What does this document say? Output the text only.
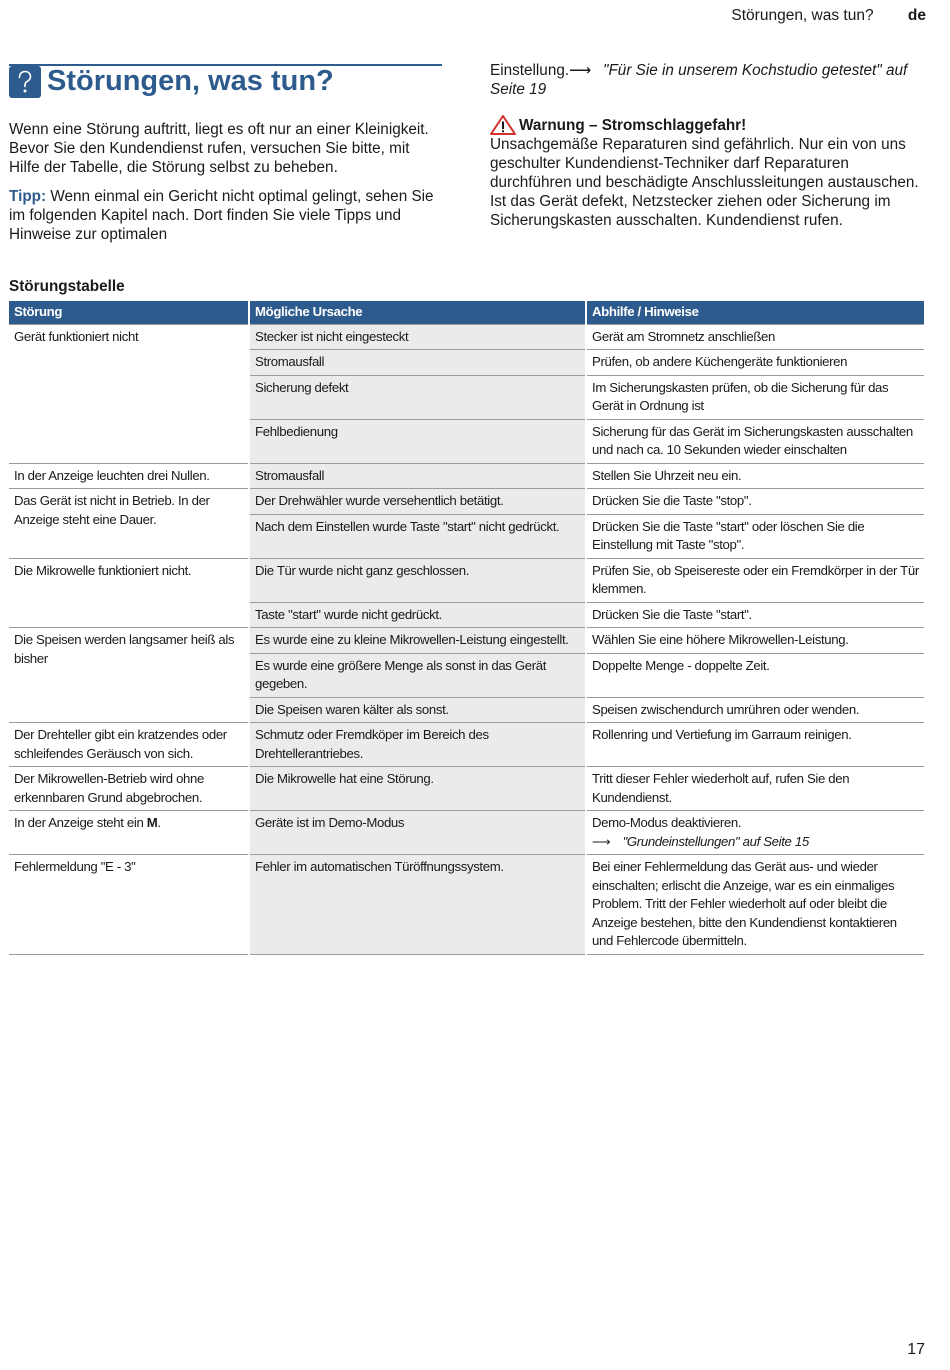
Störungen, was tun? de
Störungen, was tun?

Wenn eine Störung auftritt, liegt es oft nur an einer Kleinigkeit. Bevor Sie den Kundendienst rufen, versuchen Sie bitte, mit Hilfe der Tabelle, die Störung selbst zu beheben.

Tipp: Wenn einmal ein Gericht nicht optimal gelingt, sehen Sie im folgenden Kapitel nach. Dort finden Sie viele Tipps und Hinweise zur optimalen

Einstellung.⟶ "Für Sie in unserem Kochstudio getestet" auf Seite 19

Warnung – Stromschlaggefahr!

Unsachgemäße Reparaturen sind gefährlich. Nur ein von uns geschulter Kundendienst-Techniker darf Reparaturen durchführen und beschädigte Anschlussleitungen austauschen. Ist das Gerät defekt, Netzstecker ziehen oder Sicherung im Sicherungskasten ausschalten. Kundendienst rufen.

Störungstabelle

Störung	Mögliche Ursache	Abhilfe / Hinweise
Gerät funktioniert nicht	Stecker ist nicht eingesteckt	Gerät am Stromnetz anschließen
	Stromausfall	Prüfen, ob andere Küchengeräte funktionieren
	Sicherung defekt	Im Sicherungskasten prüfen, ob die Sicherung für das Gerät in Ordnung ist
	Fehlbedienung	Sicherung für das Gerät im Sicherungskasten ausschalten und nach ca. 10 Sekunden wieder einschalten
In der Anzeige leuchten drei Nullen.	Stromausfall	Stellen Sie Uhrzeit neu ein.
Das Gerät ist nicht in Betrieb. In der Anzeige steht eine Dauer.	Der Drehwähler wurde versehentlich betätigt.	Drücken Sie die Taste "stop".
	Nach dem Einstellen wurde Taste "start" nicht gedrückt.	Drücken Sie die Taste "start" oder löschen Sie die Einstellung mit Taste "stop".
Die Mikrowelle funktioniert nicht.	Die Tür wurde nicht ganz geschlossen.	Prüfen Sie, ob Speisereste oder ein Fremdkörper in der Tür klemmen.
	Taste "start" wurde nicht gedrückt.	Drücken Sie die Taste "start".
Die Speisen werden langsamer heiß als bisher	Es wurde eine zu kleine Mikrowellen-Leistung eingestellt.	Wählen Sie eine höhere Mikrowellen-Leistung.
	Es wurde eine größere Menge als sonst in das Gerät gegeben.	Doppelte Menge - doppelte Zeit.
	Die Speisen waren kälter als sonst.	Speisen zwischendurch umrühren oder wenden.
Der Drehteller gibt ein kratzendes oder schleifendes Geräusch von sich.	Schmutz oder Fremdköper im Bereich des Drehtellerantriebes.	Rollenring und Vertiefung im Garraum reinigen.
Der Mikrowellen-Betrieb wird ohne erkennbaren Grund abgebrochen.	Die Mikrowelle hat eine Störung.	Tritt dieser Fehler wiederholt auf, rufen Sie den Kundendienst.
In der Anzeige steht ein M.	Geräte ist im Demo-Modus	Demo-Modus deaktivieren.
⟶ "Grundeinstellungen" auf Seite 15

Fehlermeldung "E - 3"	Fehler im automatischen Türöffnungssystem.	Bei einer Fehlermeldung das Gerät aus- und wieder einschalten; erlischt die Anzeige, war es ein einmaliges Problem. Tritt der Fehler wiederholt auf oder bleibt die Anzeige bestehen, bitte den Kundendienst kontaktieren und Fehlercode übermitteln.
17
